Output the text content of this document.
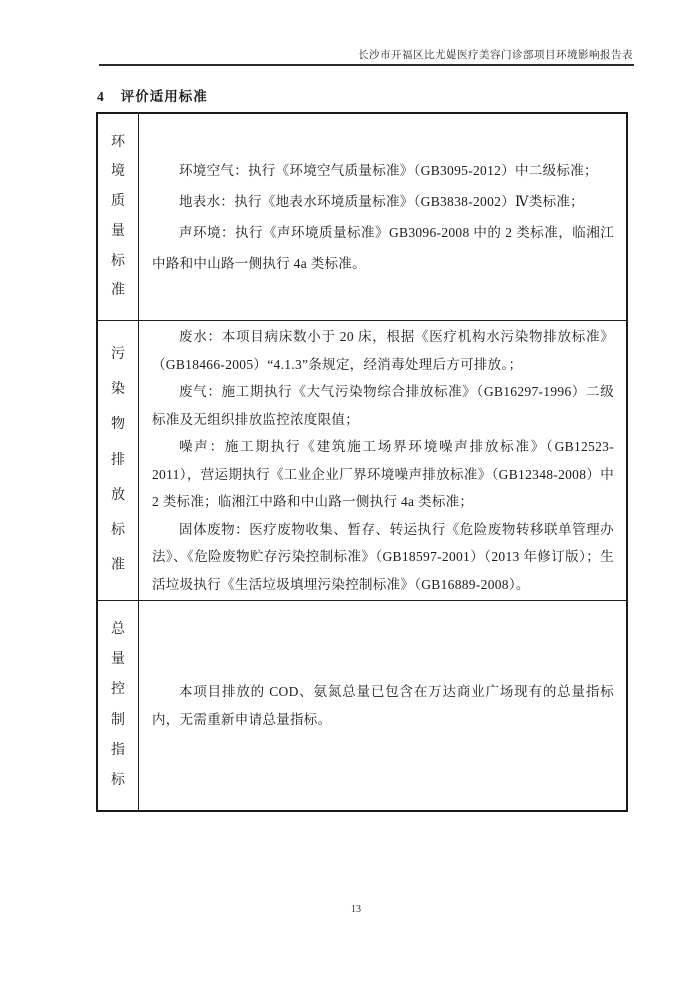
长沙市开福区比尤媞医疗美容门诊部项目环境影响报告表
4 评价适用标准
环
境
质
量
标
准

环境空气：执行《环境空气质量标准》（GB3095-2012）中二级标准；

地表水：执行《地表水环境质量标准》（GB3838-2002）Ⅳ类标准；

声环境：执行《声环境质量标准》GB3096-2008 中的 2 类标准，临湘江中路和中山路一侧执行 4a 类标准。

污
染
物
排
放
标
准

废水：本项目病床数小于 20 床，根据《医疗机构水污染物排放标准》（GB18466-2005）“4.1.3”条规定，经消毒处理后方可排放。；

废气：施工期执行《大气污染物综合排放标准》（GB16297-1996）二级标准及无组织排放监控浓度限值；

噪声：施工期执行《建筑施工场界环境噪声排放标准》（GB12523-2011），营运期执行《工业企业厂界环境噪声排放标准》（GB12348-2008）中 2 类标准；临湘江中路和中山路一侧执行 4a 类标准；

固体废物：医疗废物收集、暂存、转运执行《危险废物转移联单管理办法》、《危险废物贮存污染控制标准》（GB18597-2001）（2013 年修订版）；生活垃圾执行《生活垃圾填埋污染控制标准》（GB16889-2008）。

总
量
控
制
指
标

本项目排放的 COD、氨氮总量已包含在万达商业广场现有的总量指标内，无需重新申请总量指标。

13
